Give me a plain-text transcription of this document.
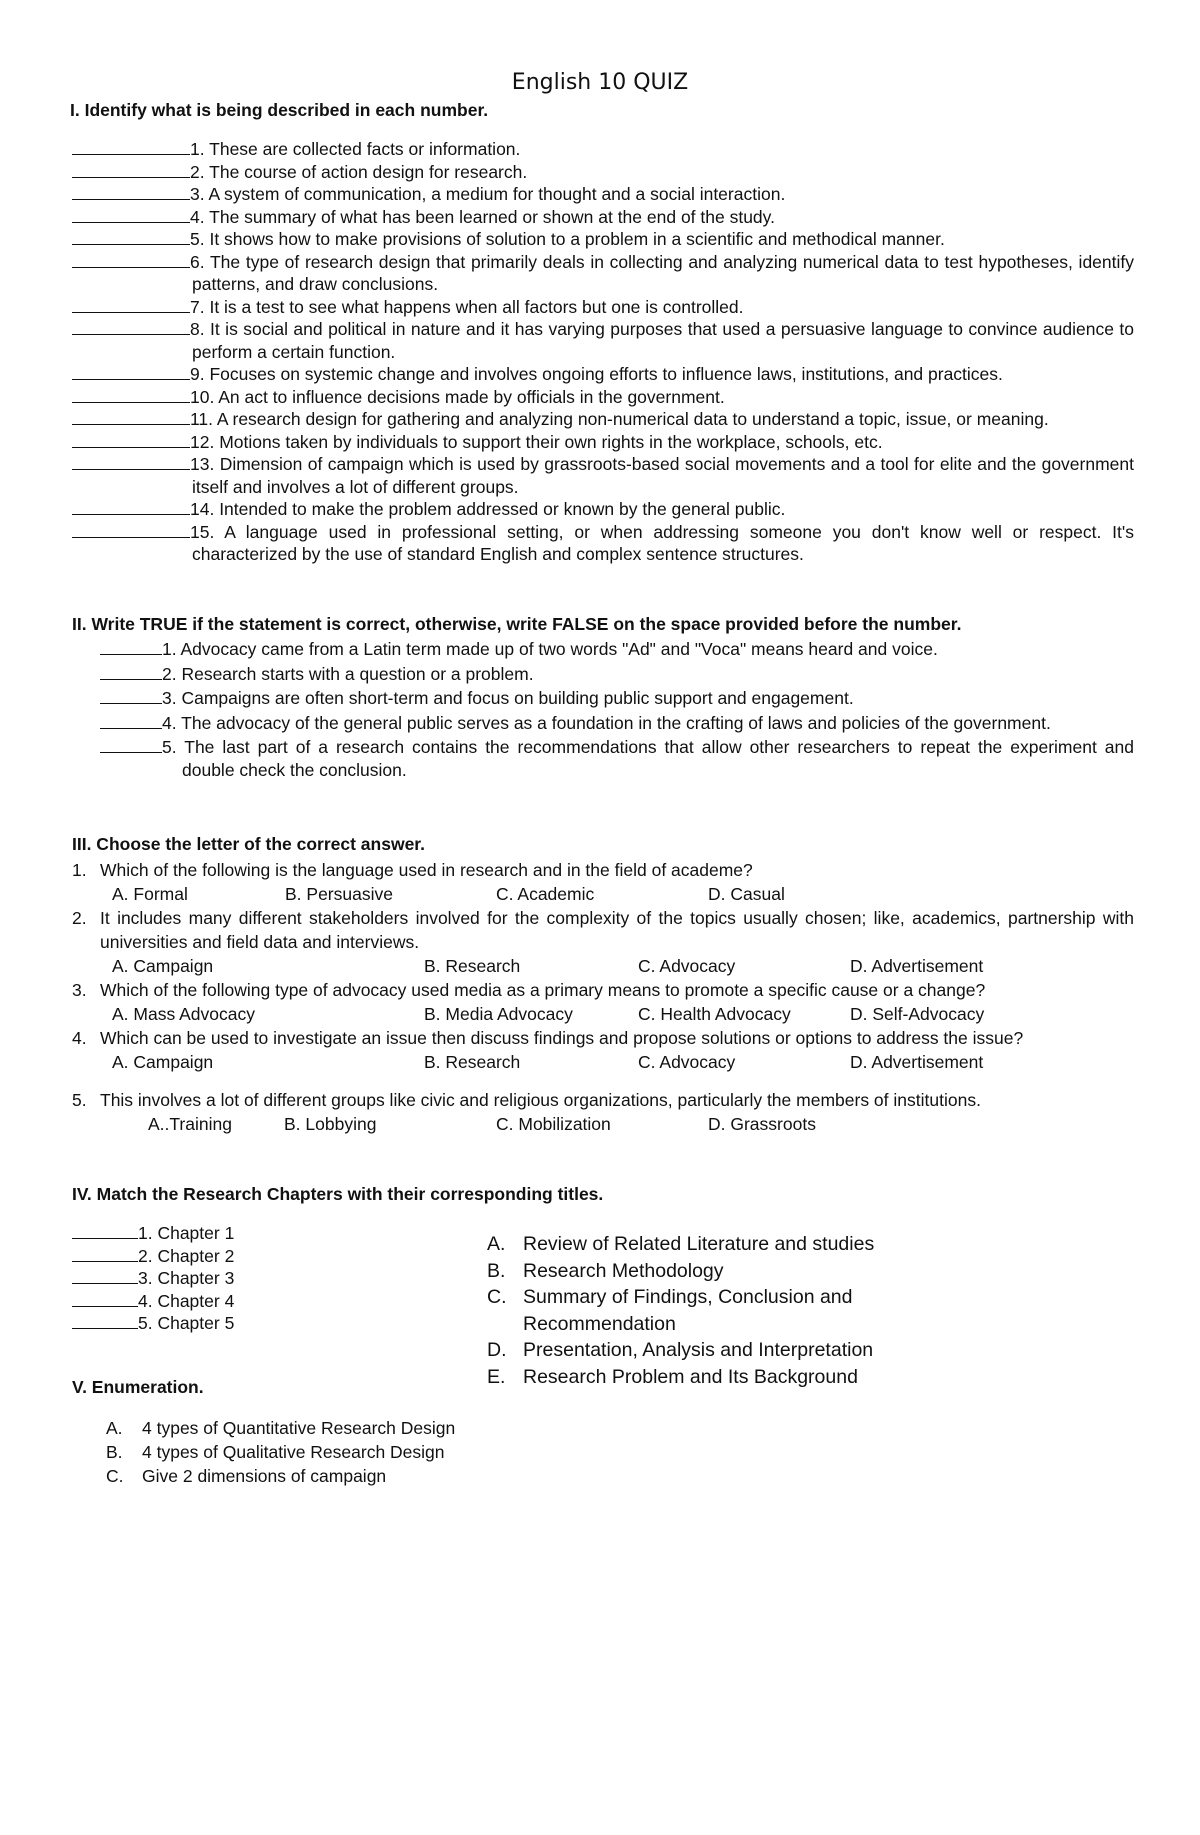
English 10 QUIZ
I. Identify what is being described in each number.
1. These are collected facts or information.
2. The course of action design for research.
3. A system of communication, a medium for thought and a social interaction.
4. The summary of what has been learned or shown at the end of the study.
5. It shows how to make provisions of solution to a problem in a scientific and methodical manner.
6. The type of research design that primarily deals in collecting and analyzing numerical data to test hypotheses, identify patterns, and draw conclusions.
7. It is a test to see what happens when all factors but one is controlled.
8. It is social and political in nature and it has varying purposes that used a persuasive language to convince audience to perform a certain function.
9. Focuses on systemic change and involves ongoing efforts to influence laws, institutions, and practices.
10. An act to influence decisions made by officials in the government.
11. A research design for gathering and analyzing non-numerical data to understand a topic, issue, or meaning.
12. Motions taken by individuals to support their own rights in the workplace, schools, etc.
13. Dimension of campaign which is used by grassroots-based social movements and a tool for elite and the government itself and involves a lot of different groups.
14. Intended to make the problem addressed or known by the general public.
15. A language used in professional setting, or when addressing someone you don't know well or respect. It's characterized by the use of standard English and complex sentence structures.
II. Write TRUE if the statement is correct, otherwise, write FALSE on the space provided before the number.
1. Advocacy came from a Latin term made up of two words "Ad" and "Voca" means heard and voice.
2. Research starts with a question or a problem.
3. Campaigns are often short-term and focus on building public support and engagement.
4. The advocacy of the general public serves as a foundation in the crafting of laws and policies of the government.
5. The last part of a research contains the recommendations that allow other researchers to repeat the experiment and double check the conclusion.
III. Choose the letter of the correct answer.
1. Which of the following is the language used in research and in the field of academe?
A. Formal	B. Persuasive	C. Academic	D. Casual
2. It includes many different stakeholders involved for the complexity of the topics usually chosen; like, academics, partnership with universities and field data and interviews.
A. Campaign	B. Research	C. Advocacy	D. Advertisement
3. Which of the following type of advocacy used media as a primary means to promote a specific cause or a change?
A. Mass Advocacy	B. Media Advocacy	C. Health Advocacy	D. Self-Advocacy
4. Which can be used to investigate an issue then discuss findings and propose solutions or options to address the issue?
A. Campaign	B. Research	C. Advocacy	D. Advertisement
5. This involves a lot of different groups like civic and religious organizations, particularly the members of institutions.
A..Training	B. Lobbying	C. Mobilization	D. Grassroots
IV. Match the Research Chapters with their corresponding titles.
1. Chapter 1
2. Chapter 2
3. Chapter 3
4. Chapter 4
5. Chapter 5
A. Review of Related Literature and studies
B. Research Methodology
C. Summary of Findings, Conclusion and Recommendation
D. Presentation, Analysis and Interpretation
E. Research Problem and Its Background
V. Enumeration.
A. 4 types of Quantitative Research Design
B. 4 types of Qualitative Research Design
C. Give 2 dimensions of campaign
